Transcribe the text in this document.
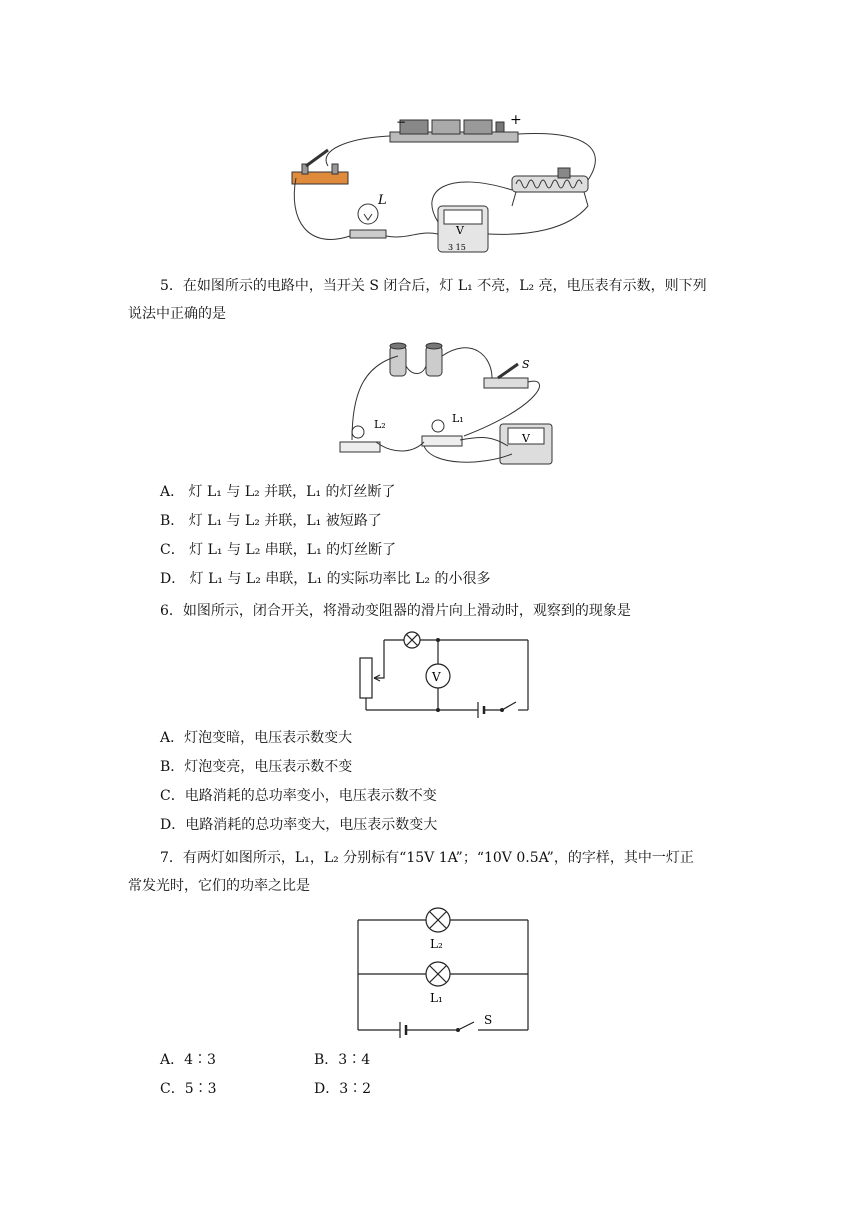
−	+
L
V
3 15
5．在如图所示的电路中，当开关 S 闭合后，灯 L₁ 不亮，L₂ 亮，电压表有示数，则下列
说法中正确的是
S
L₂	L₁
V
A． 灯 L₁ 与 L₂ 并联，L₁ 的灯丝断了
B． 灯 L₁ 与 L₂ 并联，L₁ 被短路了
C． 灯 L₁ 与 L₂ 串联，L₁ 的灯丝断了
D． 灯 L₁ 与 L₂ 串联，L₁ 的实际功率比 L₂ 的小很多
6．如图所示，闭合开关，将滑动变阻器的滑片向上滑动时，观察到的现象是
V
A．灯泡变暗，电压表示数变大
B．灯泡变亮，电压表示数不变
C．电路消耗的总功率变小，电压表示数不变
D．电路消耗的总功率变大，电压表示数变大
7．有两灯如图所示，L₁，L₂ 分别标有“15V 1A”；“10V 0.5A”，的字样，其中一灯正
常发光时，它们的功率之比是
L₂
L₁
S
A．4∶3	B．3∶4
C．5∶3	D．3∶2
